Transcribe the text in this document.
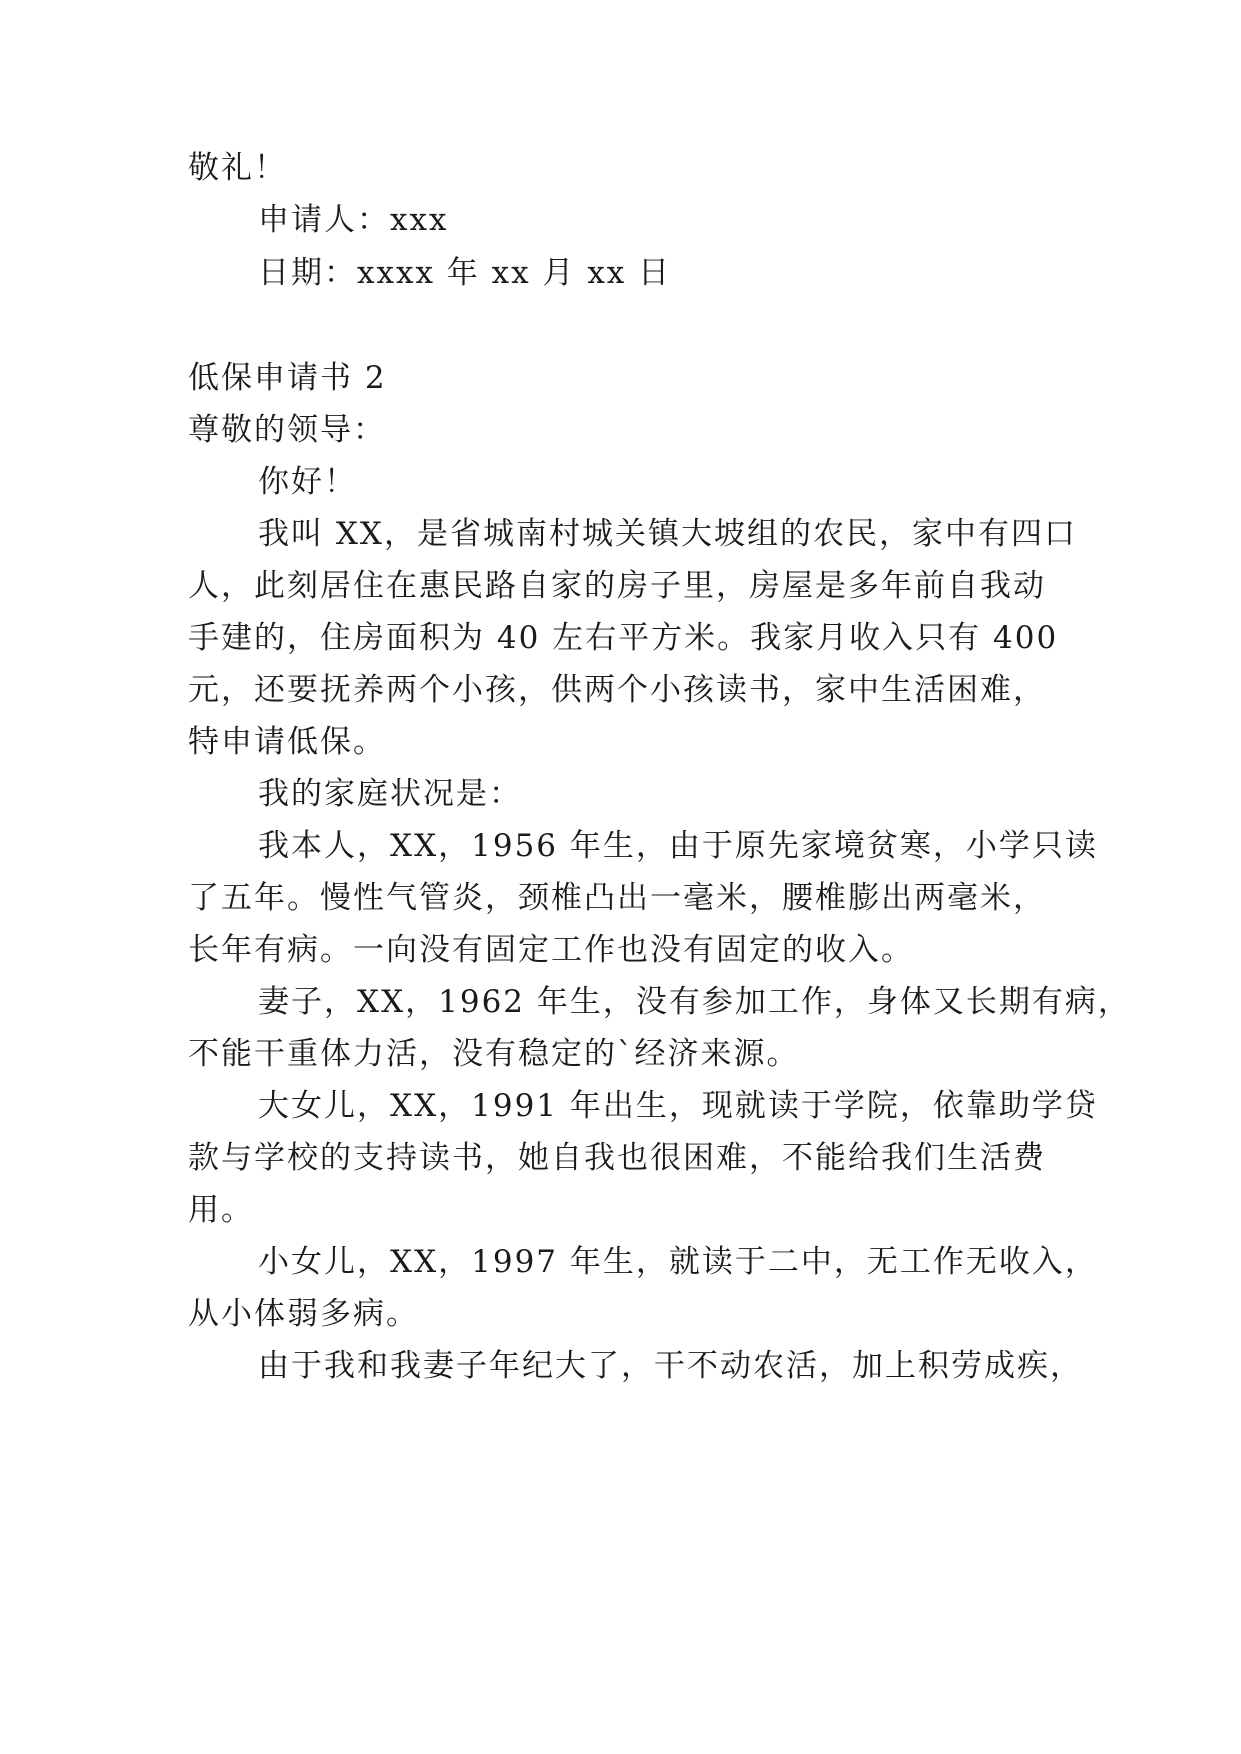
敬礼！
申请人：xxx
日期：xxxx 年 xx 月 xx 日
低保申请书 2
尊敬的领导：
你好！
我叫 XX，是省城南村城关镇大坡组的农民，家中有四口
人，此刻居住在惠民路自家的房子里，房屋是多年前自我动
手建的，住房面积为 40 左右平方米。我家月收入只有 400
元，还要抚养两个小孩，供两个小孩读书，家中生活困难，
特申请低保。
我的家庭状况是：
我本人，XX，1956 年生，由于原先家境贫寒，小学只读
了五年。慢性气管炎，颈椎凸出一毫米，腰椎膨出两毫米，
长年有病。一向没有固定工作也没有固定的收入。
妻子，XX，1962 年生，没有参加工作，身体又长期有病，
不能干重体力活，没有稳定的`经济来源。
大女儿，XX，1991 年出生，现就读于学院，依靠助学贷
款与学校的支持读书，她自我也很困难，不能给我们生活费
用。
小女儿，XX，1997 年生，就读于二中，无工作无收入，
从小体弱多病。
由于我和我妻子年纪大了，干不动农活，加上积劳成疾，
